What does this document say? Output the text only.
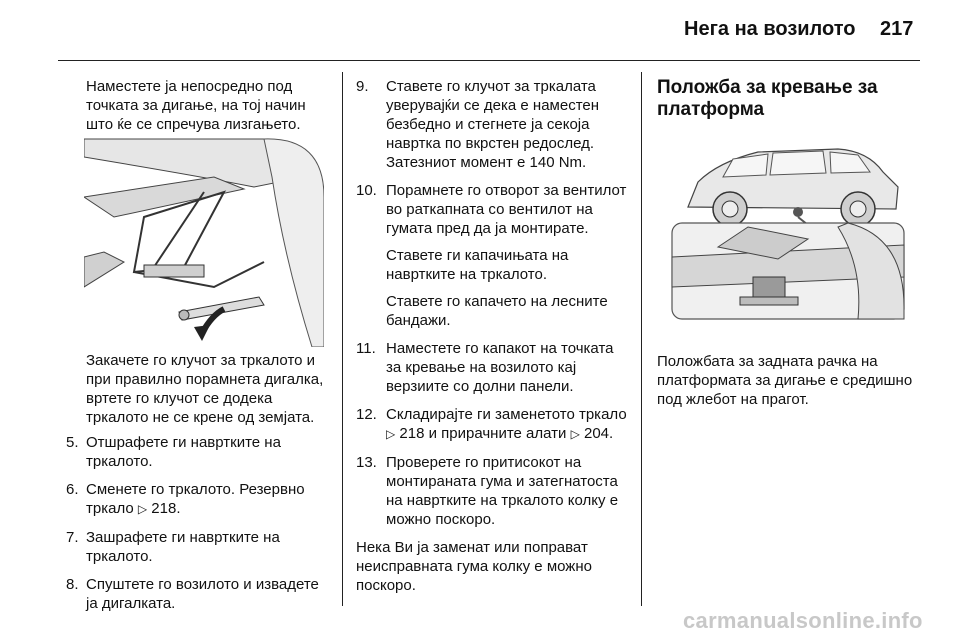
Нега на возилото 217

Наместете ја непосредно под точката за дигање, на тој начин што ќе се спречува лизгањето.

Закачете го клучот за тркалото и при правилно порамнета дигалка, вртете го клучот се додека тркалото не се крене од земјата.

5. Отшрафете ги навртките на тркалото.
6. Сменете го тркалото. Резервно тркало ▷ 218.
7. Зашрафете ги навртките на тркалото.
8. Спуштете го возилото и извадете ја дигалката.
9.	Ставете го клучот за тркалата уверувајќи се дека е наместен безбедно и стегнете ја секоја навртка по вкрстен редослед. Затезниот момент е 140 Nm.

10. Порамнете го отворот за вентилот во раткапната со вентилот на гумата пред да ја монтирате.

Ставете ги капачињата на навртките на тркалото.

Ставете го капачето на лесните бандажи.

11. Наместете го капакот на точката за кревање на возилото кај верзиите со долни панели.

12. Складирајте ги заменетото тркало ▷ 218 и прирачните алати ▷ 204.

13. Проверете го притисокот на монтираната гума и затегнатоста на навртките на тркалото колку е можно поскоро.

Нека Ви ја заменат или поправат неисправната гума колку е можно поскоро.

Положба за кревање за платформа

Положбата за задната рачка на платформата за дигање е средишно под жлебот на прагот.

carmanualsonline.info
